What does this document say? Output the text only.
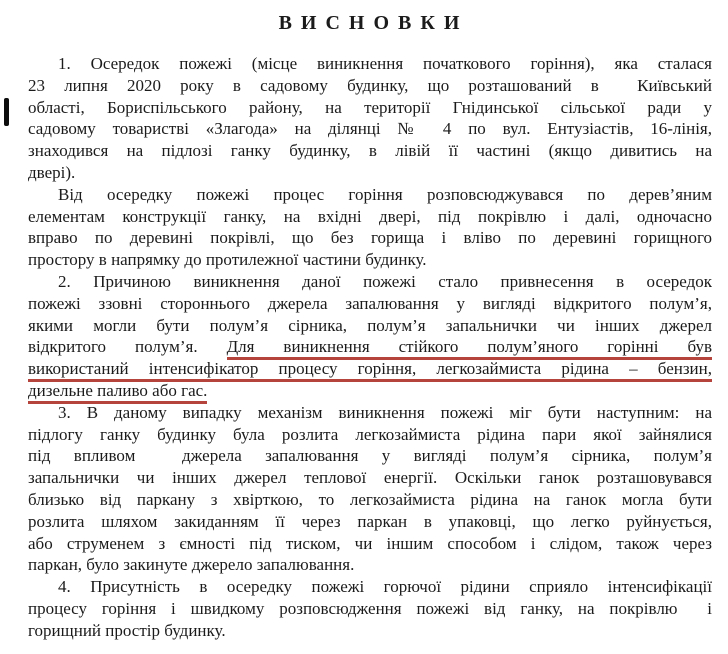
В И С Н О В К И
1. Осередок пожежі (місце виникнення початкового горіння), яка сталася
23 липня 2020 року в садовому будинку, що розташований в  Київський
області, Бориспільського району, на території Гнідинської сільської ради у
садовому товаристві «Злагода» на ділянці № 4 по вул. Ентузіастів, 16-лінія,
знаходився на підлозі ганку будинку, в лівій її частині (якщо дивитись на
двері).
Від осередку пожежі процес горіння розповсюджувався по дерев’яним
елементам конструкції ганку, на вхідні двері, під покрівлю і далі, одночасно
вправо по деревині покрівлі, що без горища і вліво по деревині горищного
простору в напрямку до протилежної частини будинку.
2. Причиною виникнення даної пожежі стало привнесення в осередок
пожежі ззовні стороннього джерела запалювання у вигляді відкритого полум’я,
якими могли бути полум’я сірника, полум’я запальнички чи інших джерел
відкритого полум’я. Для виникнення стійкого полум’яного горінні був
використаний інтенсифікатор процесу горіння, легкозаймиста рідина – бензин,
дизельне паливо або гас.
3. В даному випадку механізм виникнення пожежі міг бути наступним: на
підлогу ганку будинку була розлита легкозаймиста рідина пари якої зайнялися
під впливом  джерела запалювання у вигляді полум’я сірника, полум’я
запальнички чи інших джерел теплової енергії. Оскільки ганок розташовувався
близько від паркану з хвірткою, то легкозаймиста рідина на ганок могла бути
розлита шляхом закиданням її через паркан в упаковці, що легко руйнується,
або струменем з ємності під тиском, чи іншим способом і слідом, також через
паркан, було закинуте джерело запалювання.
4. Присутність в осередку пожежі горючої рідини сприяло інтенсифікації
процесу горіння і швидкому розповсюдження пожежі від ганку, на покрівлю  і
горищний простір будинку.
